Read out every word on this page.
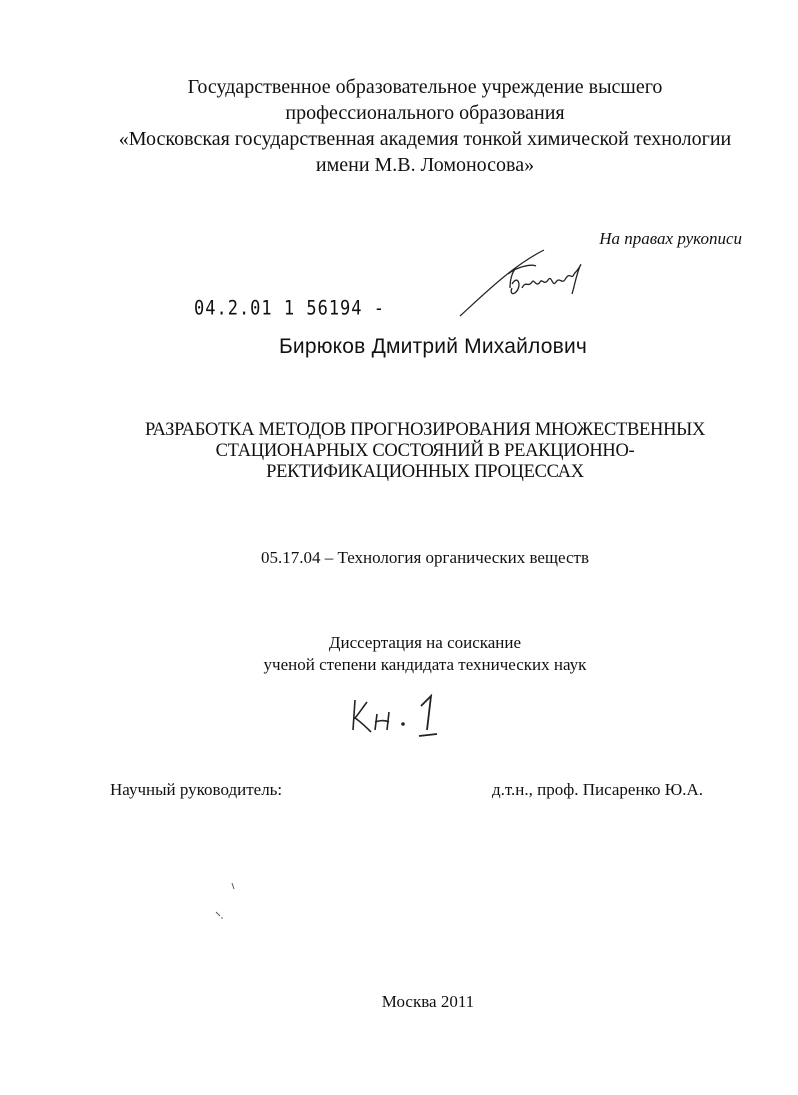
Государственное образовательное учреждение высшего
профессионального образования
«Московская государственная академия тонкой химической технологии
имени М.В. Ломоносова»
На правах рукописи
04.2.01 1 56194 -
Бирюков Дмитрий Михайлович
РАЗРАБОТКА МЕТОДОВ ПРОГНОЗИРОВАНИЯ МНОЖЕСТВЕННЫХ
СТАЦИОНАРНЫХ СОСТОЯНИЙ В РЕАКЦИОННО-
РЕКТИФИКАЦИОННЫХ ПРОЦЕССАХ
05.17.04 – Технология органических веществ
Диссертация на соискание
ученой степени кандидата технических наук
Научный руководитель:	д.т.н., проф. Писаренко Ю.А.
Москва 2011
